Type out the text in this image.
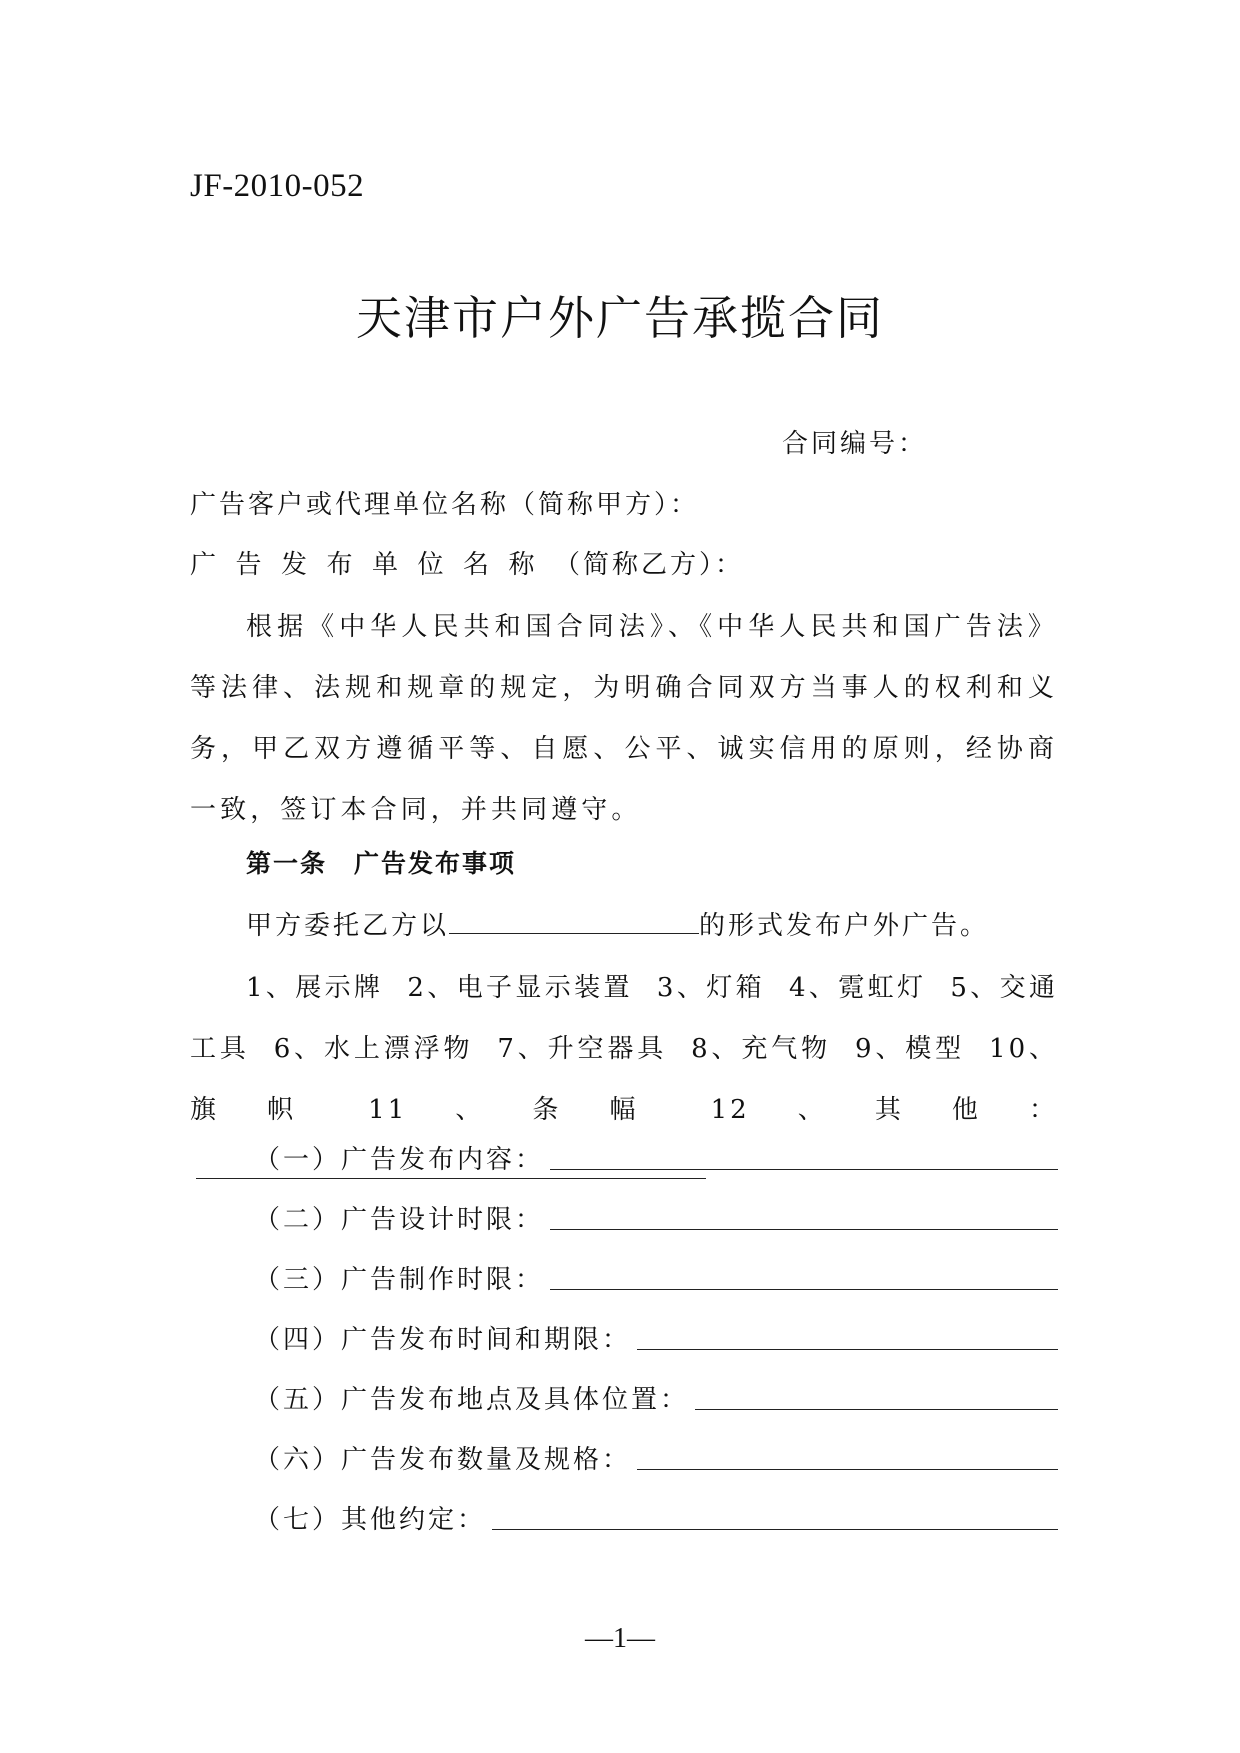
JF-2010-052
天津市户外广告承揽合同
合同编号：
广告客户或代理单位名称（简称甲方）：
广告发布单位名称（简称乙方）：
根据《中华人民共和国合同法》、《中华人民共和国广告法》等法律、法规和规章的规定，为明确合同双方当事人的权利和义务，甲乙双方遵循平等、自愿、公平、诚实信用的原则，经协商一致，签订本合同，并共同遵守。
第一条　广告发布事项
甲方委托乙方以	的形式发布户外广告。
1、展示牌 2、电子显示装置 3、灯箱 4、霓虹灯 5、交通工具 6、水上漂浮物 7、升空器具 8、充气物 9、模型 10、旗帜 11、条幅 12、其他：
（一）广告发布内容：
（二）广告设计时限：
（三）广告制作时限：
（四）广告发布时间和期限：
（五）广告发布地点及具体位置：
（六）广告发布数量及规格：
（七）其他约定：
—1—
